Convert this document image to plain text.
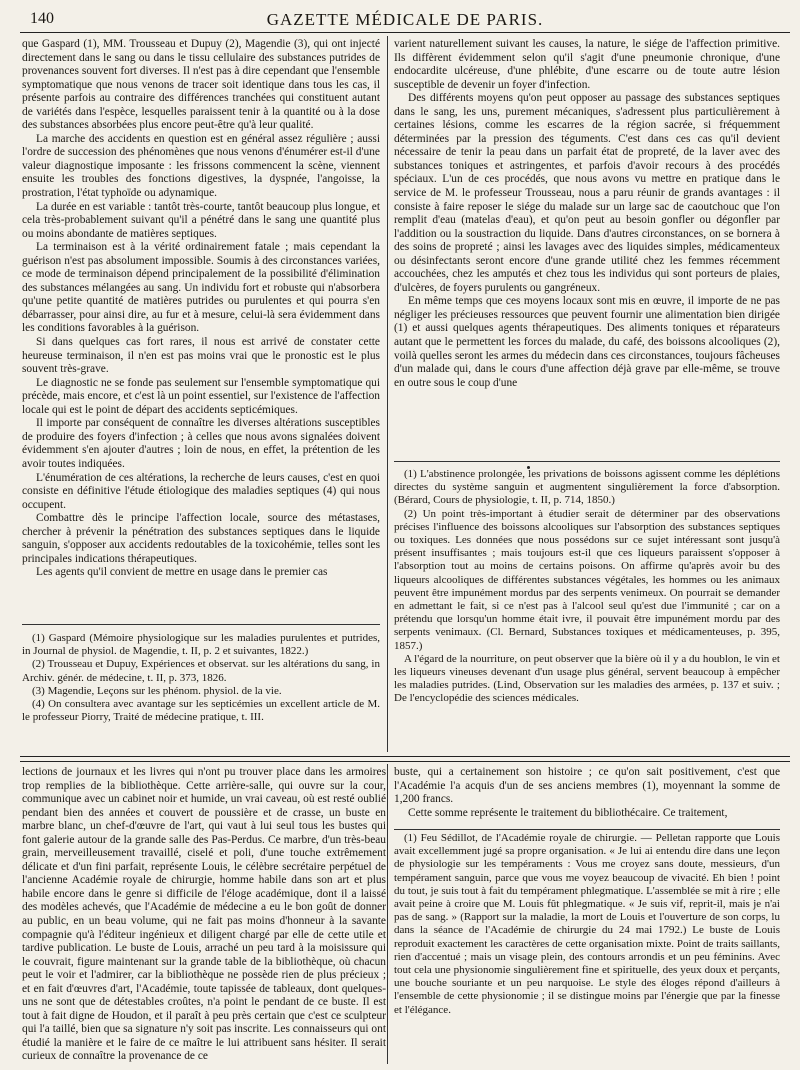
140	GAZETTE MÉDICALE DE PARIS.

que Gaspard (1), MM. Trousseau et Dupuy (2), Magendie (3), qui ont injecté directement dans le sang ou dans le tissu cellulaire des substances putrides de provenances souvent fort diverses. Il n'est pas à dire cependant que l'ensemble symptomatique que nous venons de tracer soit identique dans tous les cas, il présente parfois au contraire des différences tranchées qui constituent autant de variétés dans l'espèce, lesquelles paraissent tenir à la quantité ou à la dose des substances absorbées plus encore peut-être qu'à leur qualité.

La marche des accidents en question est en général assez régulière ; aussi l'ordre de succession des phénomènes que nous venons d'énumérer est-il d'une valeur diagnostique imposante : les frissons commencent la scène, viennent ensuite les troubles des fonctions digestives, la dyspnée, l'angoisse, la prostration, l'état typhoïde ou adynamique.

La durée en est variable : tantôt très-courte, tantôt beaucoup plus longue, et cela très-probablement suivant qu'il a pénétré dans le sang une quantité plus ou moins abondante de matières septiques.

La terminaison est à la vérité ordinairement fatale ; mais cependant la guérison n'est pas absolument impossible. Soumis à des circonstances variées, ce mode de terminaison dépend principalement de la possibilité d'élimination des substances mélangées au sang. Un individu fort et robuste qui n'absorbera qu'une petite quantité de matières putrides ou purulentes et qui pourra s'en débarrasser, pour ainsi dire, au fur et à mesure, celui-là sera évidemment dans les conditions favorables à la guérison.

Si dans quelques cas fort rares, il nous est arrivé de constater cette heureuse terminaison, il n'en est pas moins vrai que le pronostic est le plus souvent très-grave.

Le diagnostic ne se fonde pas seulement sur l'ensemble symptomatique qui précède, mais encore, et c'est là un point essentiel, sur l'existence de l'affection locale qui est le point de départ des accidents septicémiques.

Il importe par conséquent de connaître les diverses altérations susceptibles de produire des foyers d'infection ; à celles que nous avons signalées doivent évidemment s'en ajouter d'autres ; loin de nous, en effet, la prétention de les avoir toutes indiquées.

L'énumération de ces altérations, la recherche de leurs causes, c'est en quoi consiste en définitive l'étude étiologique des maladies septiques (4) qui nous occupent.

Combattre dès le principe l'affection locale, source des métastases, chercher à prévenir la pénétration des substances septiques dans le liquide sanguin, s'opposer aux accidents redoutables de la toxicohémie, telles sont les principales indications thérapeutiques.

Les agents qu'il convient de mettre en usage dans le premier cas

(1) Gaspard (Mémoire physiologique sur les maladies purulentes et putrides, in Journal de physiol. de Magendie, t. II, p. 2 et suivantes, 1822.)

(2) Trousseau et Dupuy, Expériences et observat. sur les altérations du sang, in Archiv. génér. de médecine, t. II, p. 373, 1826.

(3) Magendie, Leçons sur les phénom. physiol. de la vie.

(4) On consultera avec avantage sur les septicémies un excellent article de M. le professeur Piorry, Traité de médecine pratique, t. III.

varient naturellement suivant les causes, la nature, le siége de l'affection primitive. Ils diffèrent évidemment selon qu'il s'agit d'une pneumonie chronique, d'une endocardite ulcéreuse, d'une phlébite, d'une escarre ou de toute autre lésion susceptible de devenir un foyer d'infection.

Des différents moyens qu'on peut opposer au passage des substances septiques dans le sang, les uns, purement mécaniques, s'adressent plus particulièrement à certaines lésions, comme les escarres de la région sacrée, si fréquemment déterminées par la pression des téguments. C'est dans ces cas qu'il devient nécessaire de tenir la peau dans un parfait état de propreté, de la laver avec des substances toniques et astringentes, et parfois d'avoir recours à des procédés spéciaux. L'un de ces procédés, que nous avons vu mettre en pratique dans le service de M. le professeur Trousseau, nous a paru réunir de grands avantages : il consiste à faire reposer le siége du malade sur un large sac de caoutchouc que l'on remplit d'eau (matelas d'eau), et qu'on peut au besoin gonfler ou dégonfler par l'addition ou la soustraction du liquide. Dans d'autres circonstances, on se bornera à des soins de propreté ; ainsi les lavages avec des liquides simples, médicamenteux ou désinfectants seront encore d'une grande utilité chez les femmes récemment accouchées, chez les amputés et chez tous les individus qui sont porteurs de plaies, d'ulcères, de foyers purulents ou gangréneux.

En même temps que ces moyens locaux sont mis en œuvre, il importe de ne pas négliger les précieuses ressources que peuvent fournir une alimentation bien dirigée (1) et aussi quelques agents thérapeutiques. Des aliments toniques et réparateurs autant que le permettent les forces du malade, du café, des boissons alcooliques (2), voilà quelles seront les armes du médecin dans ces circonstances, toujours fâcheuses d'un malade qui, dans le cours d'une affection déjà grave par elle-même, se trouve en outre sous le coup d'une

(1) L'abstinence prolongée, les privations de boissons agissent comme les déplétions directes du système sanguin et augmentent singulièrement la force d'absorption. (Bérard, Cours de physiologie, t. II, p. 714, 1850.)

(2) Un point très-important à étudier serait de déterminer par des observations précises l'influence des boissons alcooliques sur l'absorption des substances septiques ou toxiques. Les données que nous possédons sur ce sujet intéressant sont jusqu'à présent insuffisantes ; mais toujours est-il que ces liqueurs paraissent s'opposer à l'absorption tout au moins de certains poisons. On affirme qu'après avoir bu des liqueurs alcooliques de différentes substances végétales, les hommes ou les animaux peuvent être impunément mordus par des serpents venimeux. On pourrait se demander en admettant le fait, si ce n'est pas à l'alcool seul qu'est due l'immunité ; car on a prétendu que lorsqu'un homme était ivre, il pouvait être impunément mordu par des serpents venimaux. (Cl. Bernard, Substances toxiques et médicamenteuses, p. 395, 1857.)

A l'égard de la nourriture, on peut observer que la bière où il y a du houblon, le vin et les liqueurs vineuses devenant d'un usage plus général, servent beaucoup à empêcher les maladies putrides. (Lind, Observation sur les maladies des armées, p. 137 et suiv. ; De l'encyclopédie des sciences médicales.

lections de journaux et les livres qui n'ont pu trouver place dans les armoires trop remplies de la bibliothèque. Cette arrière-salle, qui ouvre sur la cour, communique avec un cabinet noir et humide, un vrai caveau, où est resté oublié pendant bien des années et couvert de poussière et de crasse, un buste en marbre blanc, un chef-d'œuvre de l'art, qui vaut à lui seul tous les bustes qui font galerie autour de la grande salle des Pas-Perdus. Ce marbre, d'un très-beau grain, merveilleusement travaillé, ciselé et poli, d'une touche extrêmement délicate et d'un fini parfait, représente Louis, le célèbre secrétaire perpétuel de l'ancienne Académie royale de chirurgie, homme habile dans son art et plus habile encore dans le genre si difficile de l'éloge académique, dont il a laissé des modèles achevés, que l'Académie de médecine a eu le bon goût de donner au public, en un beau volume, qui ne fait pas moins d'honneur à la savante compagnie qu'à l'éditeur ingénieux et diligent chargé par elle de cette utile et tardive publication. Le buste de Louis, arraché un peu tard à la moisissure qui le couvrait, figure maintenant sur la grande table de la bibliothèque, où chacun peut le voir et l'admirer, car la bibliothèque ne possède rien de plus précieux ; et en fait d'œuvres d'art, l'Académie, toute tapissée de tableaux, dont quelques-uns ne sont que de détestables croûtes, n'a point le pendant de ce buste. Il est tout à fait digne de Houdon, et il paraît à peu près certain que c'est ce sculpteur qui l'a taillé, bien que sa signature n'y soit pas inscrite. Les connaisseurs qui ont étudié la manière et le faire de ce maître le lui attribuent sans hésiter. Il serait curieux de connaître la provenance de ce

buste, qui a certainement son histoire ; ce qu'on sait positivement, c'est que l'Académie l'a acquis d'un de ses anciens membres (1), moyennant la somme de 1,200 francs.

Cette somme représente le traitement du bibliothécaire. Ce traitement,

(1) Feu Sédillot, de l'Académie royale de chirurgie. — Pelletan rapporte que Louis avait excellemment jugé sa propre organisation. « Je lui ai entendu dire dans une leçon de physiologie sur les tempéraments : Vous me croyez sans doute, messieurs, d'un tempérament sanguin, parce que vous me voyez beaucoup de vivacité. Eh bien ! point du tout, je suis tout à fait du tempérament phlegmatique. L'assemblée se mit à rire ; elle avait peine à croire que M. Louis fût phlegmatique. « Je suis vif, reprit-il, mais je n'ai pas de sang. » (Rapport sur la maladie, la mort de Louis et l'ouverture de son corps, lu dans la séance de l'Académie de chirurgie du 24 mai 1792.) Le buste de Louis reproduit exactement les caractères de cette organisation mixte. Point de traits saillants, rien d'accentué ; mais un visage plein, des contours arrondis et un peu féminins. Avec tout cela une physionomie singulièrement fine et spirituelle, des yeux doux et perçants, une bouche souriante et un peu narquoise. Le style des éloges répond d'ailleurs à l'ensemble de cette physionomie ; il se distingue moins par l'énergie que par la finesse et l'élégance.
